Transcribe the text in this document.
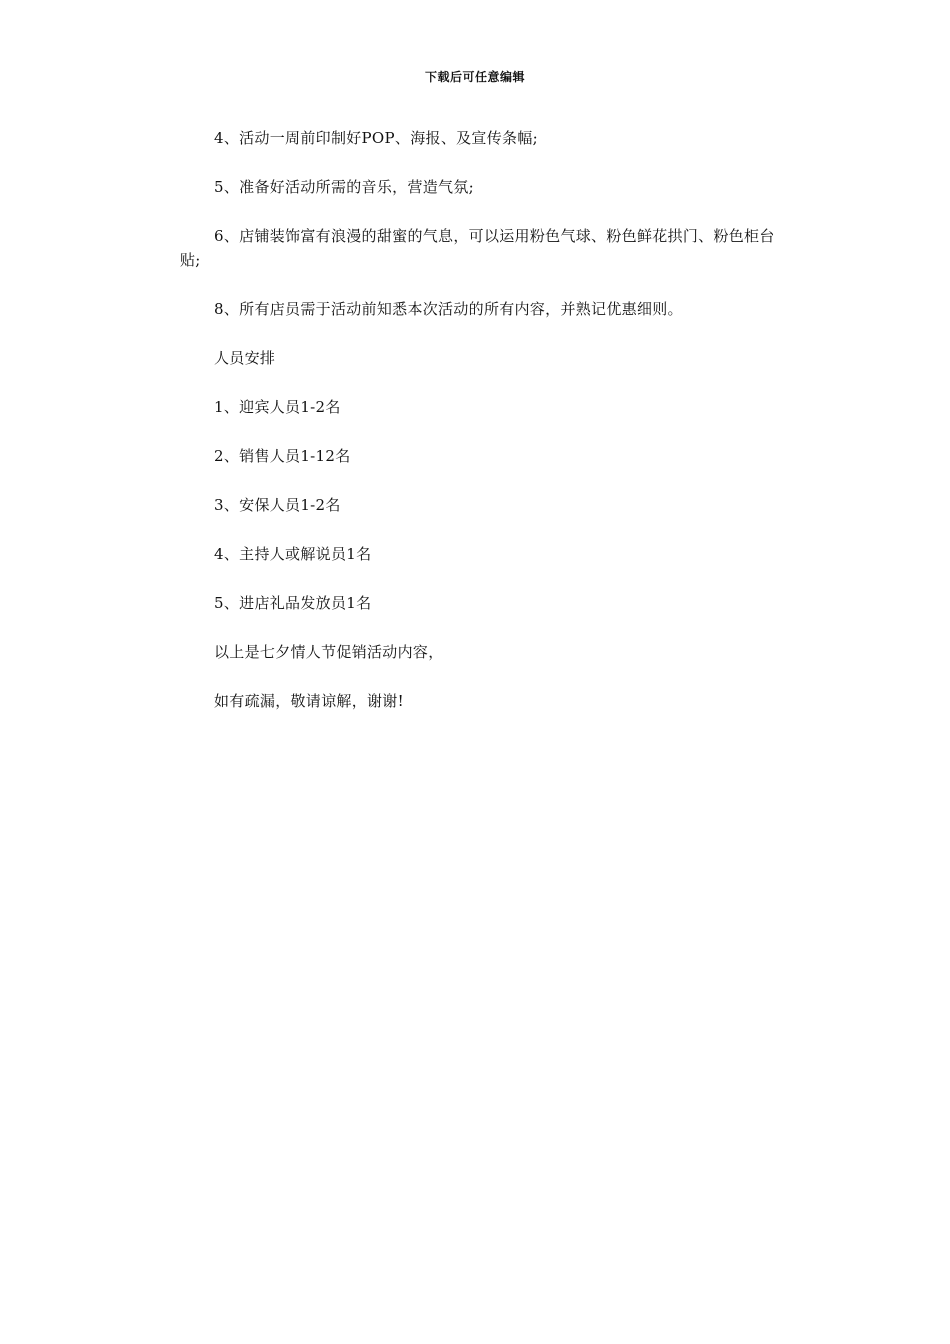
下载后可任意编辑

4、活动一周前印制好POP、海报、及宣传条幅;

5、准备好活动所需的音乐，营造气氛;

6、店铺装饰富有浪漫的甜蜜的气息，可以运用粉色气球、粉色鲜花拱门、粉色柜台贴;

8、所有店员需于活动前知悉本次活动的所有内容，并熟记优惠细则。

人员安排

1、迎宾人员1-2名

2、销售人员1-12名

3、安保人员1-2名

4、主持人或解说员1名

5、进店礼品发放员1名

以上是七夕情人节促销活动内容，

如有疏漏，敬请谅解，谢谢!
